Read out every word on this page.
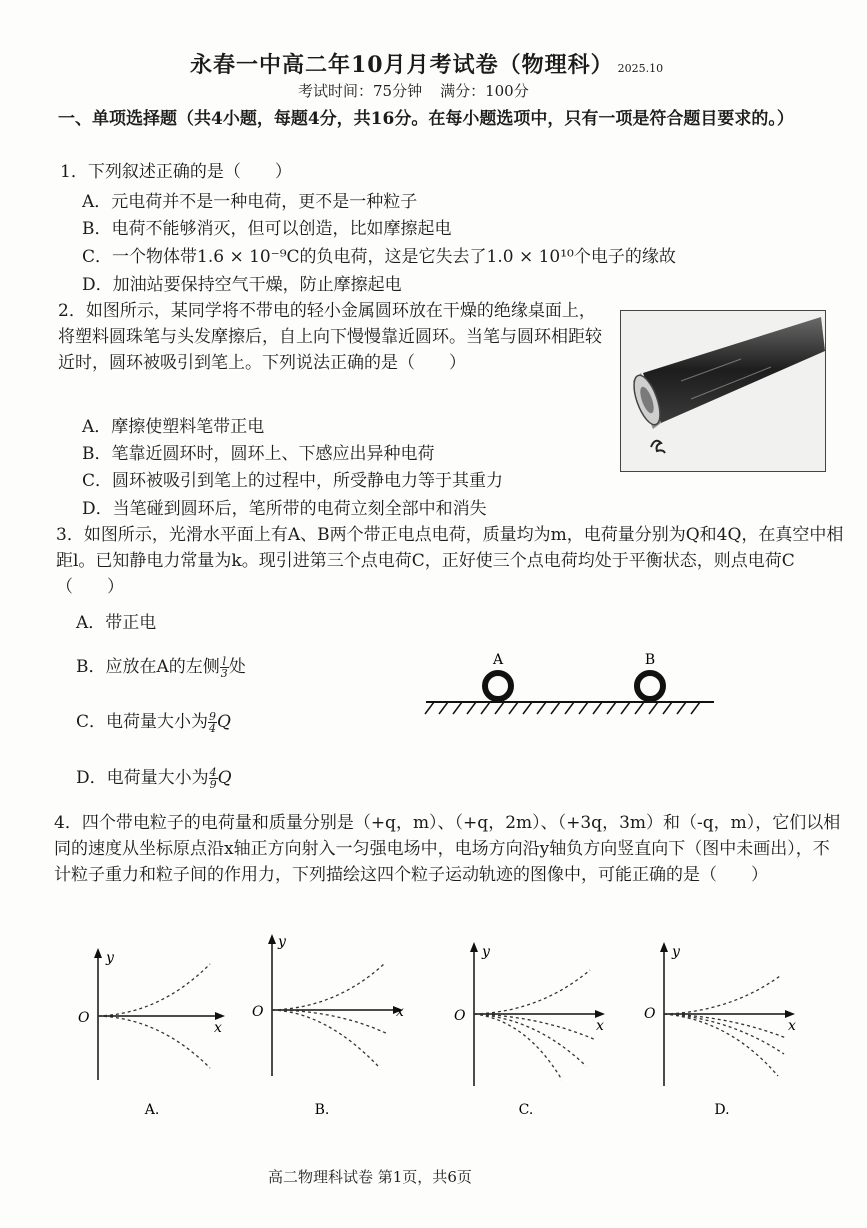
永春一中高二年10月月考试卷（物理科） 2025.10
考试时间：75分钟 满分：100分
一、单项选择题（共4小题，每题4分，共16分。在每小题选项中，只有一项是符合题目要求的。）
1．下列叙述正确的是（　　）
A．元电荷并不是一种电荷，更不是一种粒子
B．电荷不能够消灭，但可以创造，比如摩擦起电
C．一个物体带1.6 × 10⁻⁹C的负电荷，这是它失去了1.0 × 10¹⁰个电子的缘故
D．加油站要保持空气干燥，防止摩擦起电
2．如图所示，某同学将不带电的轻小金属圆环放在干燥的绝缘桌面上，将塑料圆珠笔与头发摩擦后，自上向下慢慢靠近圆环。当笔与圆环相距较近时，圆环被吸引到笔上。下列说法正确的是（　　）
A．摩擦使塑料笔带正电
B．笔靠近圆环时，圆环上、下感应出异种电荷
C．圆环被吸引到笔上的过程中，所受静电力等于其重力
D．当笔碰到圆环后，笔所带的电荷立刻全部中和消失
3．如图所示，光滑水平面上有A、B两个带正电点电荷，质量均为m，电荷量分别为Q和4Q，在真空中相距l。已知静电力常量为k。现引进第三个点电荷C，正好使三个点电荷均处于平衡状态，则点电荷C（　　）
A．带正电
B．应放在A的左侧 $\frac{l}{3}$ 处
C．电荷量大小为 $\frac{9}{4}$ Q
D．电荷量大小为 $\frac{4}{9}$ Q
A	B
4．四个带电粒子的电荷量和质量分别是（+q，m）、（+q，2m）、（+3q，3m）和（-q，m），它们以相同的速度从坐标原点沿x轴正方向射入一匀强电场中，电场方向沿y轴负方向竖直向下（图中未画出），不计粒子重力和粒子间的作用力，下列描绘这四个粒子运动轨迹的图像中，可能正确的是（　　）
y
x
O
A.
y
x
O
B.
y
x
O
C.
y
x
O
D.
高二物理科试卷 第1页，共6页
